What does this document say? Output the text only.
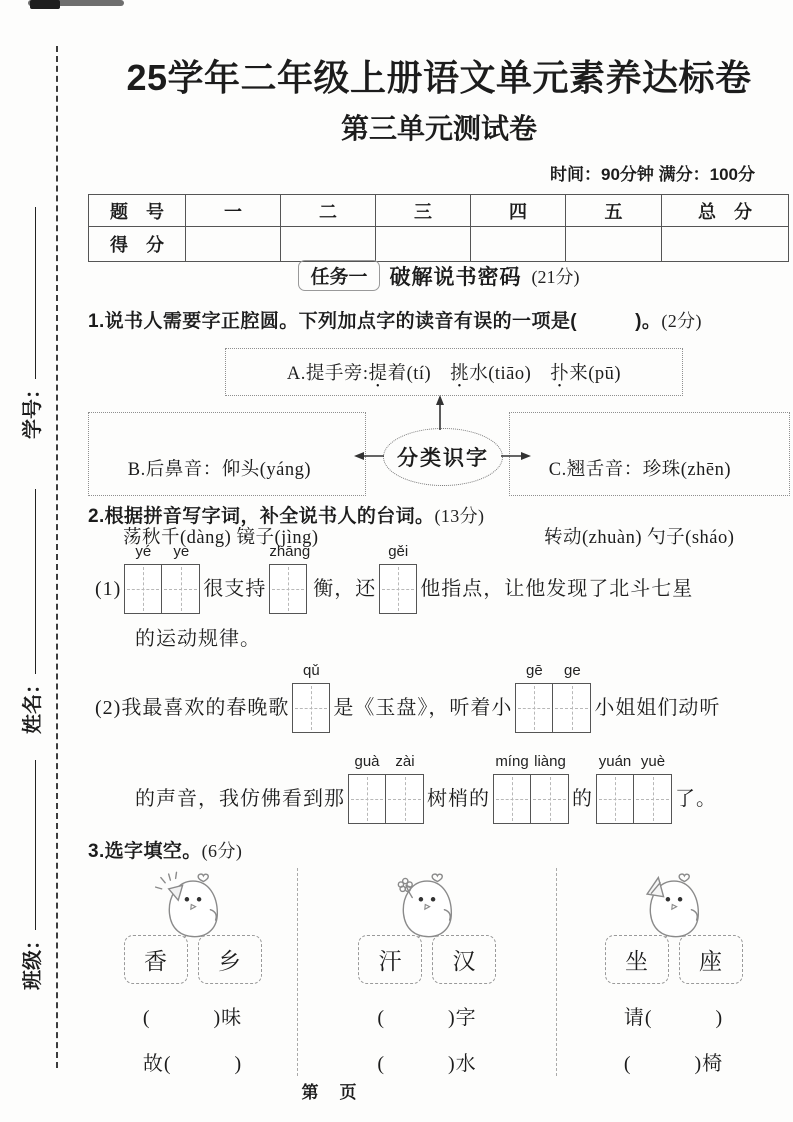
班级：姓名：学号：
25学年二年级上册语文单元素养达标卷
第三单元测试卷
时间：90分钟 满分：100分
题　号	一	二	三	四	五	总　分
得　分						
任务一	破解说书密码 (21分)
1.说书人需要字正腔圆。下列加点字的读音有误的一项是(　　　)。(2分)
A.提手旁: 提 • 着(tí)　 挑 • 水(tiāo)　 扑 • 来(pū)

B.后鼻音：仰 •头(yáng)

荡 •秋千(dàng) 镜 •子(jìng)

C.翘舌音：珍 •珠(zhēn)

转 •动(zhuàn) 勺 •子(sháo)

分类识字
2.根据拼音写字词，补全说书人的台词。(13分)
(1)
yé	ye
很支持
zhāng
衡，还
gěi
他指点，让他发现了北斗七星
的运动规律。
(2)我最喜欢的春晚歌
qǔ
是《玉盘》，听着小
gē	ge
小姐姐们动听
的声音，我仿佛看到那
guà	zài
树梢的
míng liàng
的
yuán yuè
了。
3.选字填空。(6分)
香	乡
(　　　)味
故(　　　)
汗	汉
(　　　)字
(　　　)水
坐	座
请(　　　)
(　　　)椅
第　页
